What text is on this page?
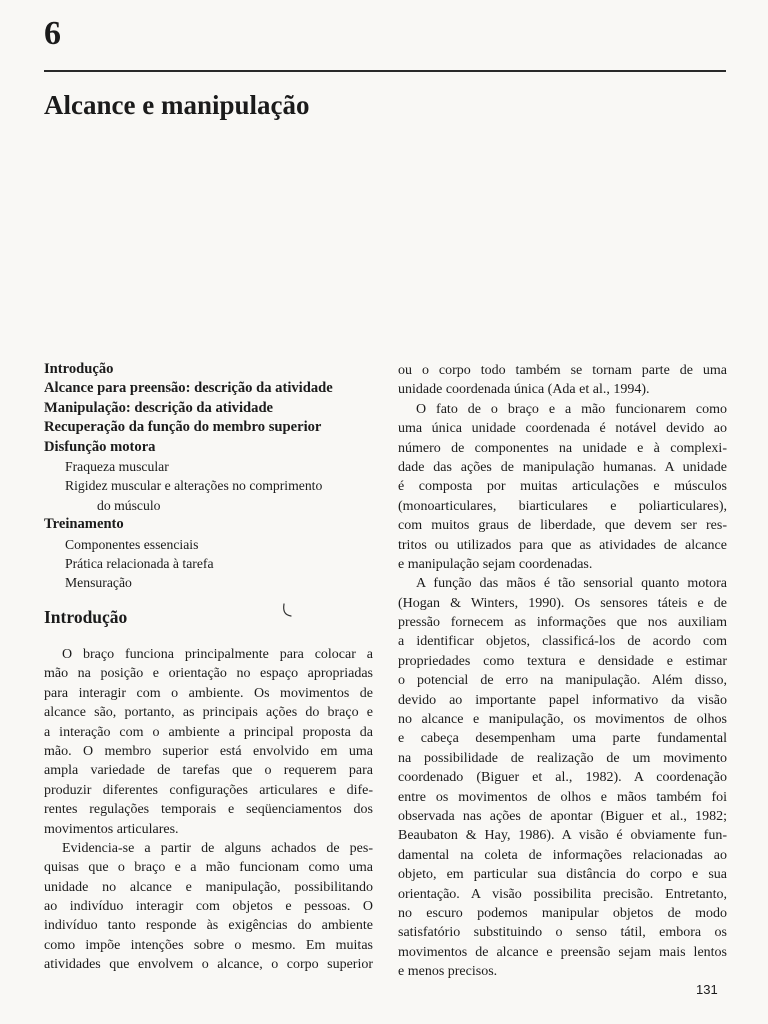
6
Alcance e manipulação
Introdução
Alcance para preensão: descrição da atividade
Manipulação: descrição da atividade
Recuperação da função do membro superior
Disfunção motora
Fraqueza muscular
Rigidez muscular e alterações no comprimento
do músculo
Treinamento
Componentes essenciais
Prática relacionada à tarefa
Mensuração
Introdução
O braço funciona principalmente para colocar a
mão na posição e orientação no espaço apropriadas
para interagir com o ambiente. Os movimentos de
alcance são, portanto, as principais ações do braço e
a interação com o ambiente a principal proposta da
mão. O membro superior está envolvido em uma
ampla variedade de tarefas que o requerem para
produzir diferentes configurações articulares e dife-
rentes regulações temporais e seqüenciamentos dos
movimentos articulares.
Evidencia-se a partir de alguns achados de pes-
quisas que o braço e a mão funcionam como uma
unidade no alcance e manipulação, possibilitando
ao indivíduo interagir com objetos e pessoas. O
indivíduo tanto responde às exigências do ambiente
como impõe intenções sobre o mesmo. Em muitas
atividades que envolvem o alcance, o corpo superior
ou o corpo todo também se tornam parte de uma
unidade coordenada única (Ada et al., 1994).
O fato de o braço e a mão funcionarem como
uma única unidade coordenada é notável devido ao
número de componentes na unidade e à complexi-
dade das ações de manipulação humanas. A unidade
é composta por muitas articulações e músculos
(monoarticulares, biarticulares e poliarticulares),
com muitos graus de liberdade, que devem ser res-
tritos ou utilizados para que as atividades de alcance
e manipulação sejam coordenadas.
A função das mãos é tão sensorial quanto motora
(Hogan & Winters, 1990). Os sensores táteis e de
pressão fornecem as informações que nos auxiliam
a identificar objetos, classificá-los de acordo com
propriedades como textura e densidade e estimar
o potencial de erro na manipulação. Além disso,
devido ao importante papel informativo da visão
no alcance e manipulação, os movimentos de olhos
e cabeça desempenham uma parte fundamental
na possibilidade de realização de um movimento
coordenado (Biguer et al., 1982). A coordenação
entre os movimentos de olhos e mãos também foi
observada nas ações de apontar (Biguer et al., 1982;
Beaubaton & Hay, 1986). A visão é obviamente fun-
damental na coleta de informações relacionadas ao
objeto, em particular sua distância do corpo e sua
orientação. A visão possibilita precisão. Entretanto,
no escuro podemos manipular objetos de modo
satisfatório substituindo o senso tátil, embora os
movimentos de alcance e preensão sejam mais lentos
e menos precisos.
131
